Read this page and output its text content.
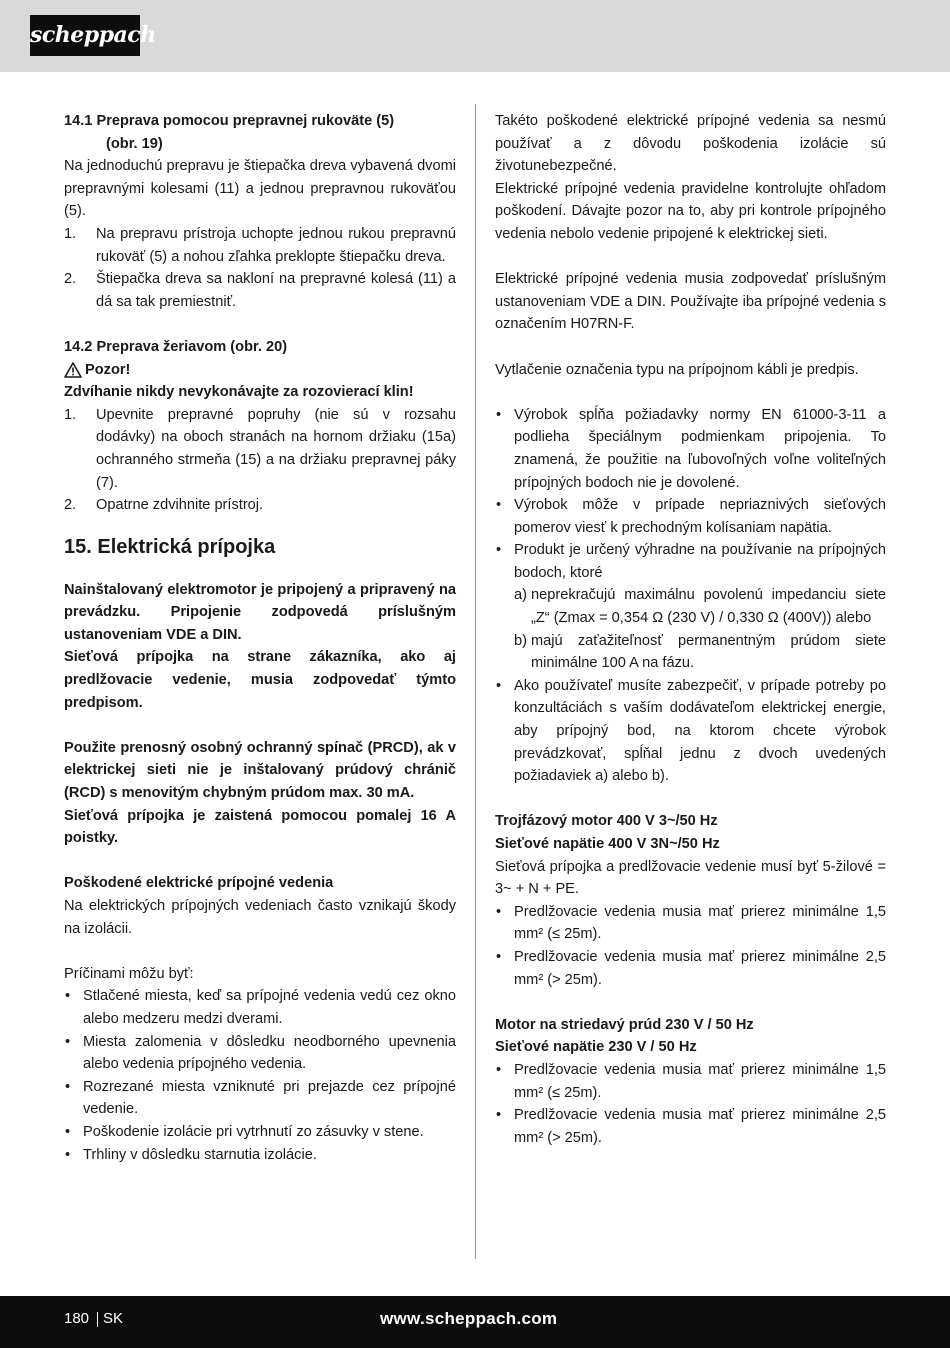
scheppach
14.1 Preprava pomocou prepravnej rukoväte (5)
(obr. 19)
Na jednoduchú prepravu je štiepačka dreva vybavená dvomi prepravnými kolesami (11) a jednou prepravnou rukoväťou (5).
1.	Na prepravu prístroja uchopte jednou rukou prepravnú rukoväť (5) a nohou zľahka preklopte štiepačku dreva.
2.	Štiepačka dreva sa nakloní na prepravné kolesá (11) a dá sa tak premiestniť.
14.2 Preprava žeriavom (obr. 20)
Pozor!
Zdvíhanie nikdy nevykonávajte za rozovierací klin!
1.	Upevnite prepravné popruhy (nie sú v rozsahu dodávky) na oboch stranách na hornom držiaku (15a) ochranného strmeňa (15) a na držiaku prepravnej páky (7).
2.	Opatrne zdvihnite prístroj.
15. Elektrická prípojka
Nainštalovaný elektromotor je pripojený a pripravený na prevádzku. Pripojenie zodpovedá príslušným ustanoveniam VDE a DIN.
Sieťová prípojka na strane zákazníka, ako aj predlžovacie vedenie, musia zodpovedať týmto predpisom.
Použite prenosný osobný ochranný spínač (PRCD), ak v elektrickej sieti nie je inštalovaný prúdový chránič (RCD) s menovitým chybným prúdom max. 30 mA.
Sieťová prípojka je zaistená pomocou pomalej 16 A poistky.
Poškodené elektrické prípojné vedenia
Na elektrických prípojných vedeniach často vznikajú škody na izolácii.
Príčinami môžu byť:
• Stlačené miesta, keď sa prípojné vedenia vedú cez okno alebo medzeru medzi dverami.
• Miesta zalomenia v dôsledku neodborného upevnenia alebo vedenia prípojného vedenia.
• Rozrezané miesta vzniknuté pri prejazde cez prípojné vedenie.
• Poškodenie izolácie pri vytrhnutí zo zásuvky v stene.
• Trhliny v dôsledku starnutia izolácie.
Takéto poškodené elektrické prípojné vedenia sa nesmú používať a z dôvodu poškodenia izolácie sú životunebezpečné.
Elektrické prípojné vedenia pravidelne kontrolujte ohľadom poškodení. Dávajte pozor na to, aby pri kontrole prípojného vedenia nebolo vedenie pripojené k elektrickej sieti.
Elektrické prípojné vedenia musia zodpovedať príslušným ustanoveniam VDE a DIN. Používajte iba prípojné vedenia s označením H07RN-F.
Vytlačenie označenia typu na prípojnom kábli je predpis.
• Výrobok spĺňa požiadavky normy EN 61000-3-11 a podlieha špeciálnym podmienkam pripojenia. To znamená, že použitie na ľubovoľných voľne voliteľných prípojných bodoch nie je dovolené.
• Výrobok môže v prípade nepriaznivých sieťových pomerov viesť k prechodným kolísaniam napätia.
• Produkt je určený výhradne na používanie na prípojných bodoch, ktoré
a) neprekračujú maximálnu povolenú impedanciu siete „Z“ (Zmax = 0,354 Ω (230 V) / 0,330 Ω (400V)) alebo
b) majú zaťažiteľnosť permanentným prúdom siete minimálne 100 A na fázu.
• Ako používateľ musíte zabezpečiť, v prípade potreby po konzultáciách s vaším dodávateľom elektrickej energie, aby prípojný bod, na ktorom chcete výrobok prevádzkovať, spĺňal jednu z dvoch uvedených požiadaviek a) alebo b).
Trojfázový motor 400 V 3~/50 Hz
Sieťové napätie 400 V 3N~/50 Hz
Sieťová prípojka a predlžovacie vedenie musí byť 5-žilové = 3~ + N + PE.
• Predlžovacie vedenia musia mať prierez minimálne 1,5 mm² (≤ 25m).
• Predlžovacie vedenia musia mať prierez minimálne 2,5 mm² (> 25m).
Motor na striedavý prúd 230 V / 50 Hz
Sieťové napätie 230 V / 50 Hz
• Predlžovacie vedenia musia mať prierez minimálne 1,5 mm² (≤ 25m).
• Predlžovacie vedenia musia mať prierez minimálne 2,5 mm² (> 25m).
180 SK	www.scheppach.com
